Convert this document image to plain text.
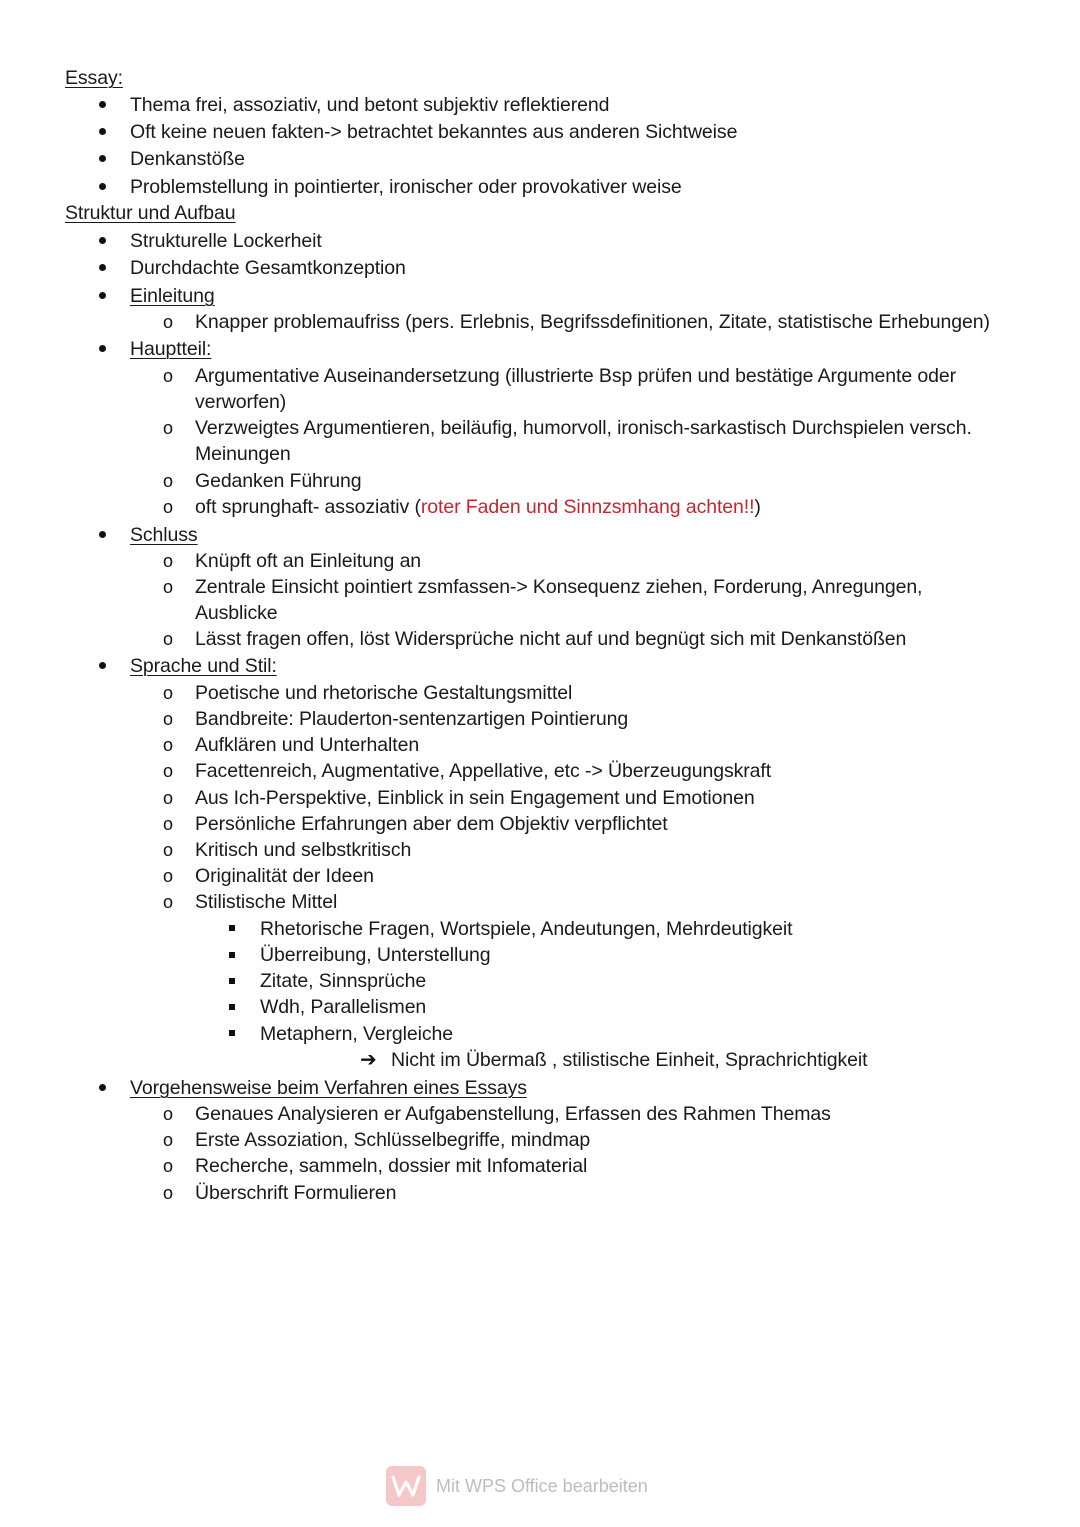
Essay:
Thema frei, assoziativ, und betont subjektiv reflektierend
Oft keine neuen fakten-> betrachtet bekanntes aus anderen Sichtweise
Denkanstöße
Problemstellung in pointierter, ironischer oder provokativer weise
Struktur und Aufbau
Strukturelle Lockerheit
Durchdachte Gesamtkonzeption
Einleitung
o Knapper problemaufriss (pers. Erlebnis, Begrifssdefinitionen, Zitate, statistische Erhebungen)
Hauptteil:
o Argumentative Auseinandersetzung (illustrierte Bsp prüfen und bestätige Argumente oder
verworfen)
o Verzweigtes Argumentieren, beiläufig, humorvoll, ironisch-sarkastisch Durchspielen versch.
Meinungen
o Gedanken Führung
o oft sprunghaft- assoziativ (roter Faden und Sinnzsmhang achten!!)
Schluss
o Knüpft oft an Einleitung an
o Zentrale Einsicht pointiert zsmfassen-> Konsequenz ziehen, Forderung, Anregungen,
Ausblicke
o Lässt fragen offen, löst Widersprüche nicht auf und begnügt sich mit Denkanstößen
Sprache und Stil:
o Poetische und rhetorische Gestaltungsmittel
o Bandbreite: Plauderton-sentenzartigen Pointierung
o Aufklären und Unterhalten
o Facettenreich, Augmentative, Appellative, etc -> Überzeugungskraft
o Aus Ich-Perspektive, Einblick in sein Engagement und Emotionen
o Persönliche Erfahrungen aber dem Objektiv verpflichtet
o Kritisch und selbstkritisch
o Originalität der Ideen
o Stilistische Mittel
Rhetorische Fragen, Wortspiele, Andeutungen, Mehrdeutigkeit
Überreibung, Unterstellung
Zitate, Sinnsprüche
Wdh, Parallelismen
Metaphern, Vergleiche
➔ Nicht im Übermaß , stilistische Einheit, Sprachrichtigkeit
Vorgehensweise beim Verfahren eines Essays
o Genaues Analysieren er Aufgabenstellung, Erfassen des Rahmen Themas
o Erste Assoziation, Schlüsselbegriffe, mindmap
o Recherche, sammeln, dossier mit Infomaterial
o Überschrift Formulieren
Mit WPS Office bearbeiten
